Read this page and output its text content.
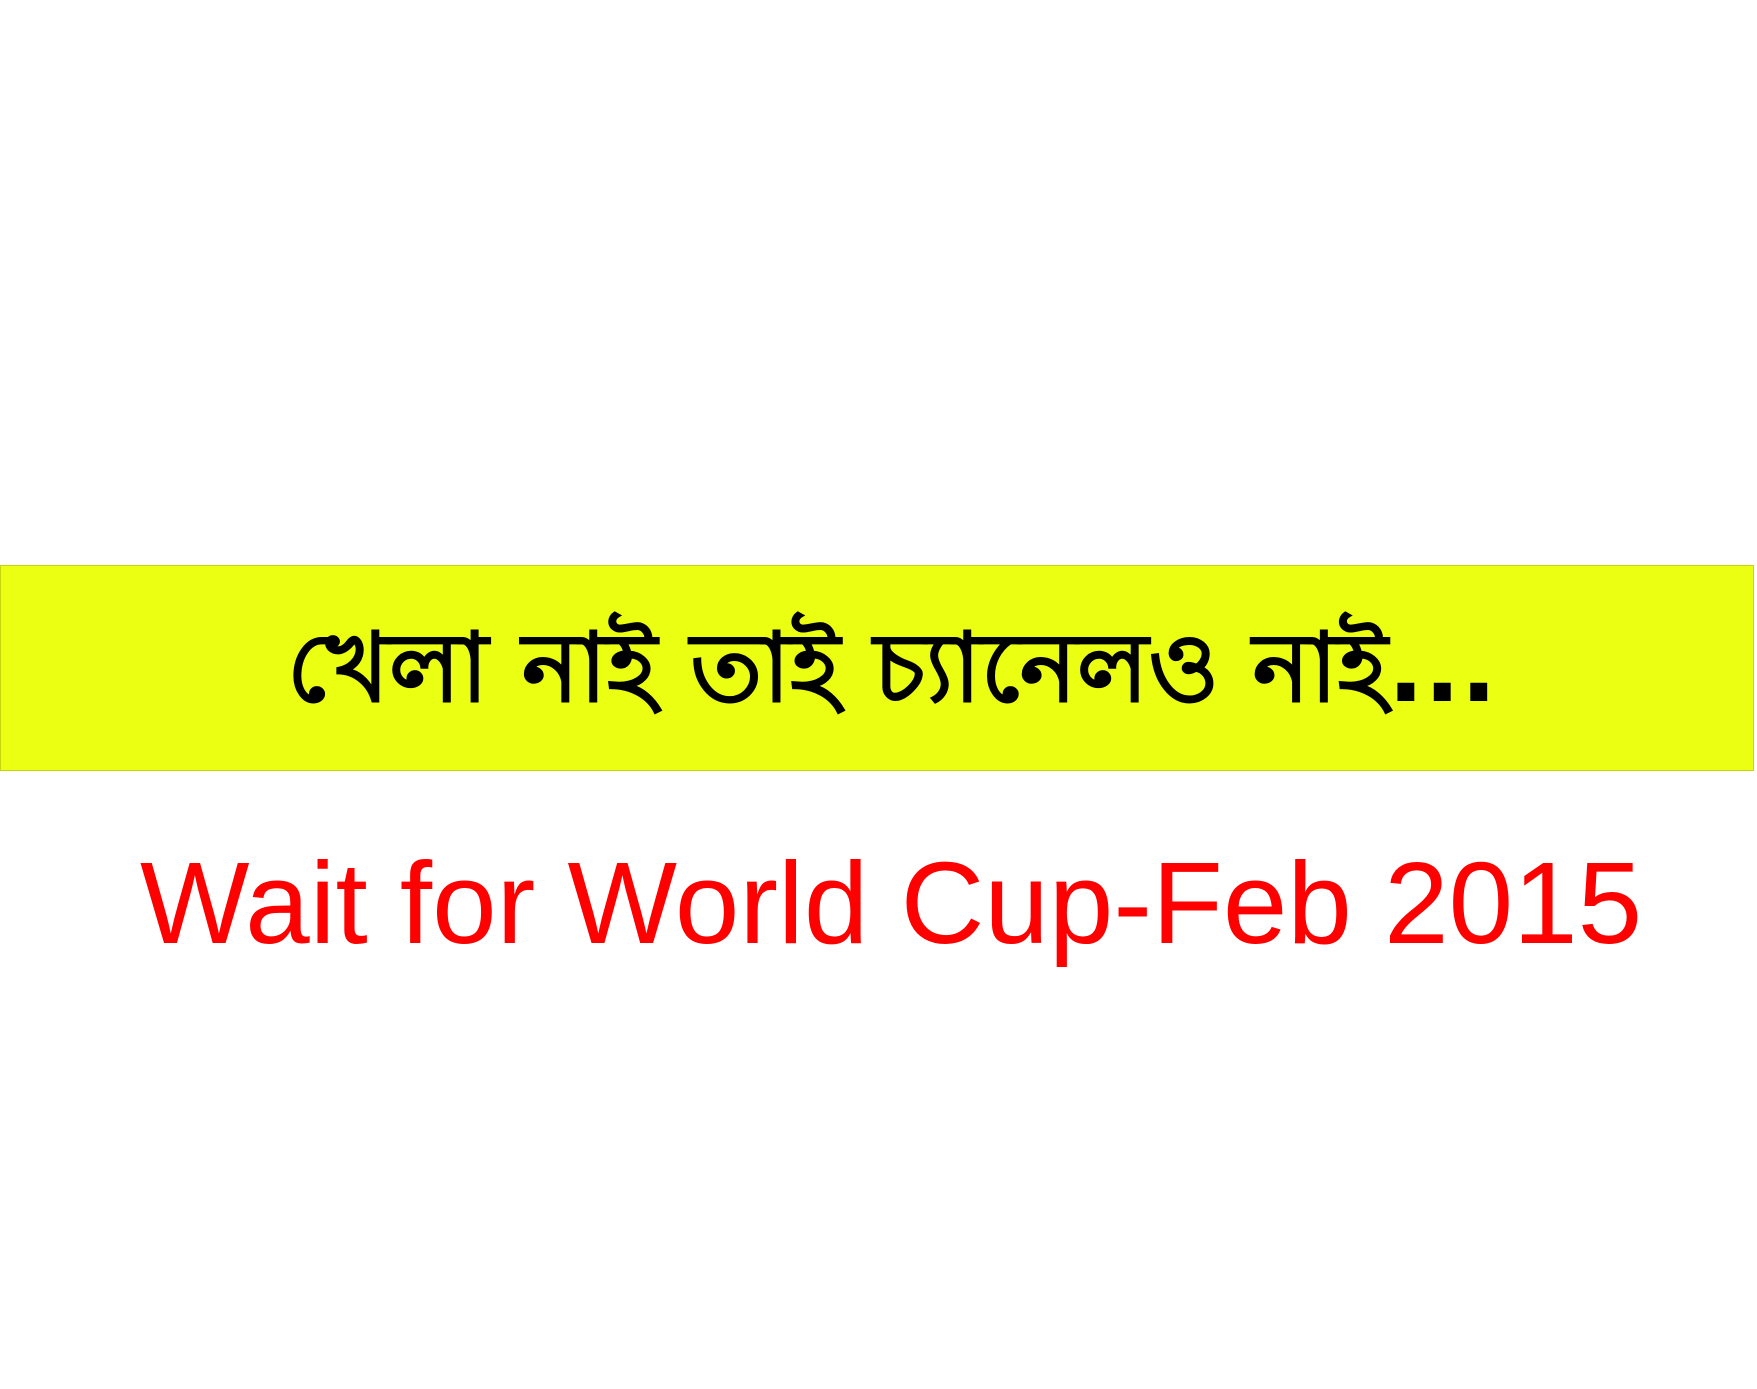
খেলা নাই তাই চ্যানেলও নাই...
Wait for World Cup-Feb 2015
